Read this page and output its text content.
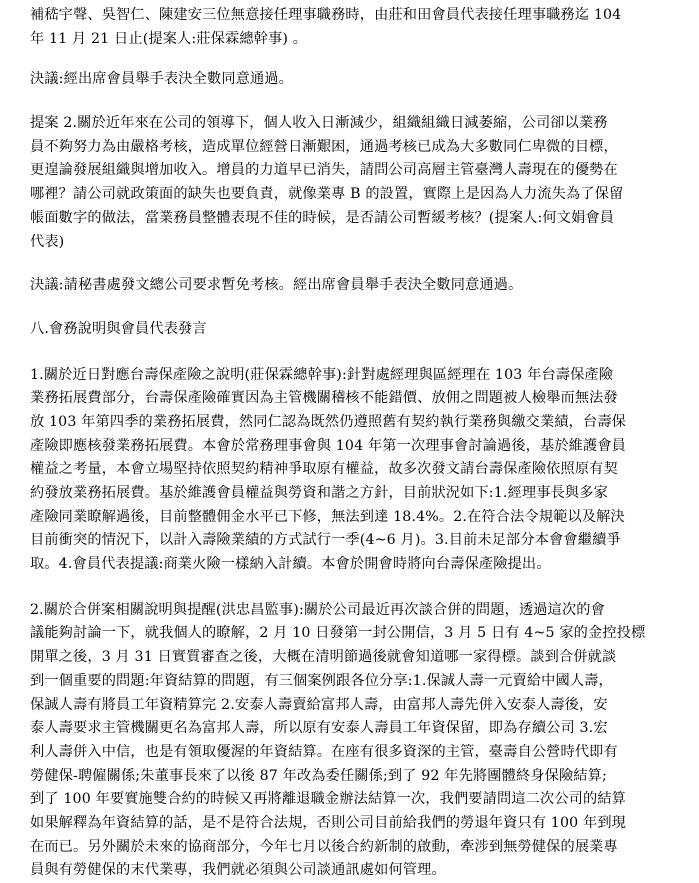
補嵇宇聲、吳智仁、陳建安三位無意接任理事職務時，由莊和田會員代表接任理事職務迄 104
年 11 月 21 日止(提案人:莊保霖總幹事) 。
決議:經出席會員舉手表決全數同意通過。
提案 2.關於近年來在公司的領導下，個人收入日漸減少，組織組織日減萎縮，公司卻以業務
員不夠努力為由嚴格考核，造成單位經營日漸艱困，通過考核已成為大多數同仁卑微的目標，
更遑論發展組織與增加收入。增員的力道早已消失，請問公司高層主管臺灣人壽現在的優勢在
哪裡？請公司就政策面的缺失也要負責，就像業專 B 的設置，實際上是因為人力流失為了保留
帳面數字的做法，當業務員整體表現不佳的時候，是否請公司暫緩考核？(提案人:何文娟會員
代表)
決議:請秘書處發文總公司要求暫免考核。經出席會員舉手表決全數同意通過。
八.會務說明與會員代表發言
1.關於近日對應台壽保產險之說明(莊保霖總幹事):針對處經理與區經理在 103 年台壽保產險
業務拓展費部分，台壽保產險確實因為主管機關稽核不能錯價、放佣之問題被人檢舉而無法發
放 103 年第四季的業務拓展費，然同仁認為既然仍遵照舊有契約執行業務與繳交業績，台壽保
產險即應核發業務拓展費。本會於常務理事會與 104 年第一次理事會討論過後，基於維護會員
權益之考量，本會立場堅持依照契約精神爭取原有權益，故多次發文請台壽保產險依照原有契
約發放業務拓展費。基於維護會員權益與勞資和諧之方針，目前狀況如下:1.經理事長與多家
產險同業瞭解過後，目前整體佣金水平已下修，無法到達 18.4%。2.在符合法令規範以及解決
目前衝突的情況下，以計入壽險業績的方式試行一季(4~6 月)。3.目前未足部分本會會繼續爭
取。4.會員代表提議:商業火險一樣納入計續。本會於開會時將向台壽保產險提出。
2.關於合併案相關說明與提醒(洪忠昌監事):關於公司最近再次談合併的問題，透過這次的會
議能夠討論一下，就我個人的瞭解，2 月 10 日發第一封公開信，3 月 5 日有 4~5 家的金控投標
開單之後，3 月 31 日實質審查之後，大概在清明節過後就會知道哪一家得標。談到合併就談
到一個重要的問題:年資結算的問題，有三個案例跟各位分享:1.保誠人壽一元賣給中國人壽，
保誠人壽有將員工年資精算完 2.安泰人壽賣給富邦人壽，由富邦人壽先併入安泰人壽後，安
泰人壽要求主管機關更名為富邦人壽，所以原有安泰人壽員工年資保留，即為存續公司 3.宏
利人壽併入中信，也是有領取優渥的年資結算。在座有很多資深的主管，臺壽自公營時代即有
勞健保-聘僱關係;朱董事長來了以後 87 年改為委任關係;到了 92 年先將團體終身保險結算;
到了 100 年要實施雙合約的時候又再將離退職金辦法結算一次，我們要請問這二次公司的結算
如果解釋為年資結算的話，是不是符合法規，否則公司目前給我們的勞退年資只有 100 年到現
在而已。另外關於未來的協商部分，今年七月以後合約新制的啟動，牽涉到無勞健保的展業專
員與有勞健保的末代業專，我們就必須與公司談通訊處如何管理。
